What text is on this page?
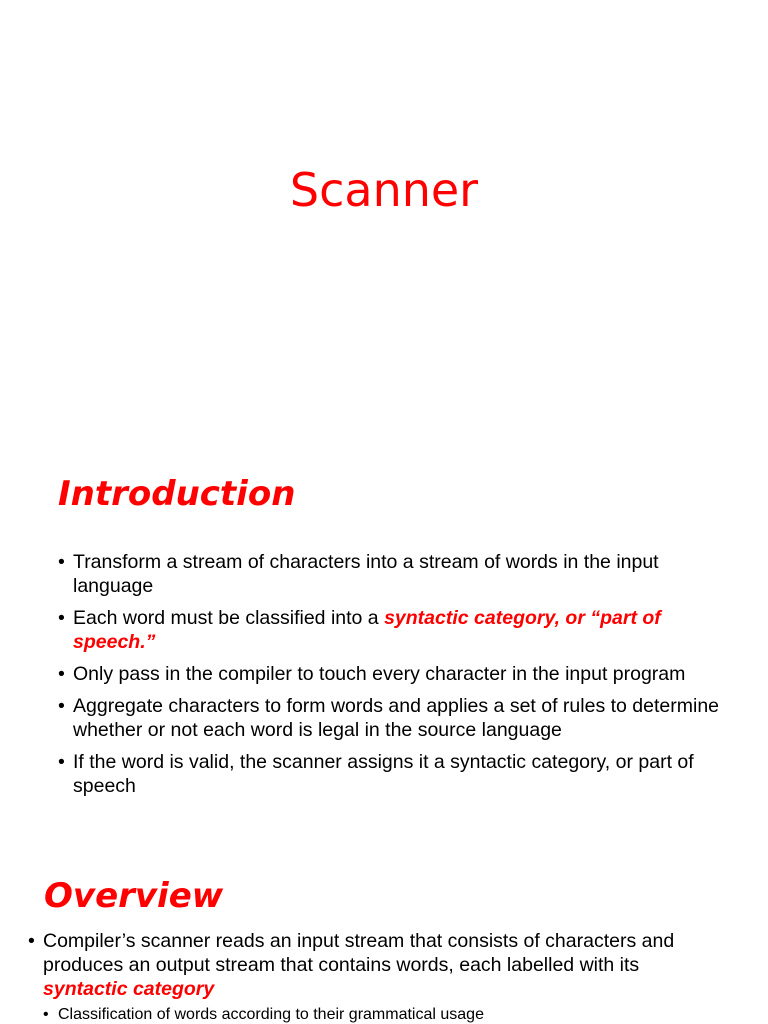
Scanner
Introduction
• Transform a stream of characters into a stream of words in the input language
• Each word must be classified into a syntactic category, or “part of speech.”
• Only pass in the compiler to touch every character in the input program
• Aggregate characters to form words and applies a set of rules to determine whether or not each word is legal in the source language
• If the word is valid, the scanner assigns it a syntactic category, or part of speech
Overview
• Compiler’s scanner reads an input stream that consists of characters and produces an output stream that contains words, each labelled with its syntactic category
• Classification of words according to their grammatical usage
